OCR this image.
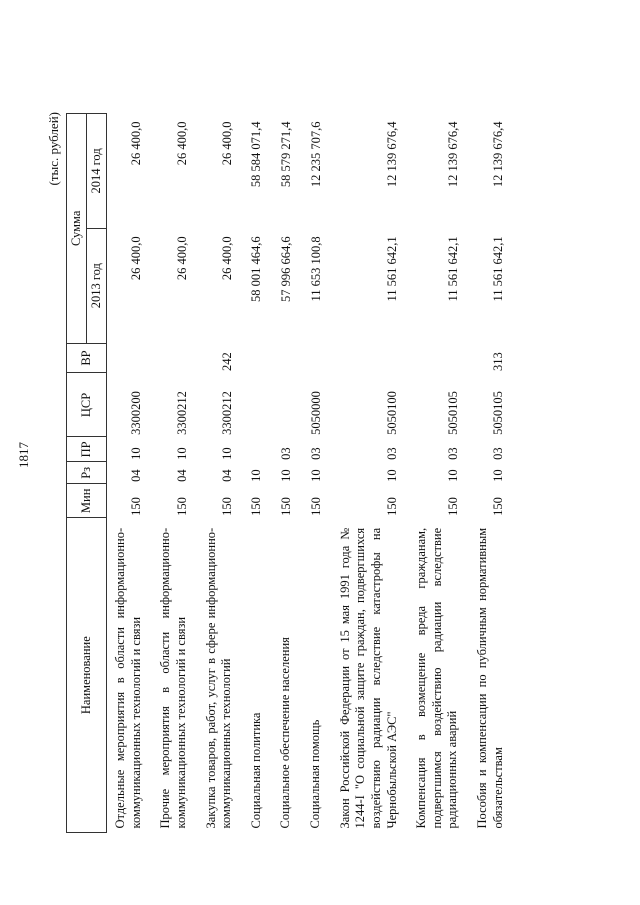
1817
(тыс. рублей)
Наименование	Мин	Рз	ПР	ЦСР	ВР	Сумма	
						2013 год	2014 год
Отдельные мероприятия в области информационно-коммуникационных технологий и связи	150	04	10	3300200		26 400,0	26 400,0
Прочие мероприятия в области информационно-коммуникационных технологий и связи	150	04	10	3300212		26 400,0	26 400,0
Закупка товаров, работ, услуг в сфере информационно-коммуникационных технологий	150	04	10	3300212	242	26 400,0	26 400,0
Социальная политика	150	10				58 001 464,6	58 584 071,4
Социальное обеспечение населения	150	10	03			57 996 664,6	58 579 271,4
Социальная помощь	150	10	03	5050000		11 653 100,8	12 235 707,6
Закон Российской Федерации от 15 мая 1991 года № 1244-I "О социальной защите граждан, подвергшихся воздействию радиации вследствие катастрофы на Чернобыльской АЭС"	150	10	03	5050100		11 561 642,1	12 139 676,4
Компенсация в возмещение вреда гражданам, подвергшимся воздействию радиации вследствие радиационных аварий	150	10	03	5050105		11 561 642,1	12 139 676,4
Пособия и компенсации по публичным нормативным обязательствам	150	10	03	5050105	313	11 561 642,1	12 139 676,4
